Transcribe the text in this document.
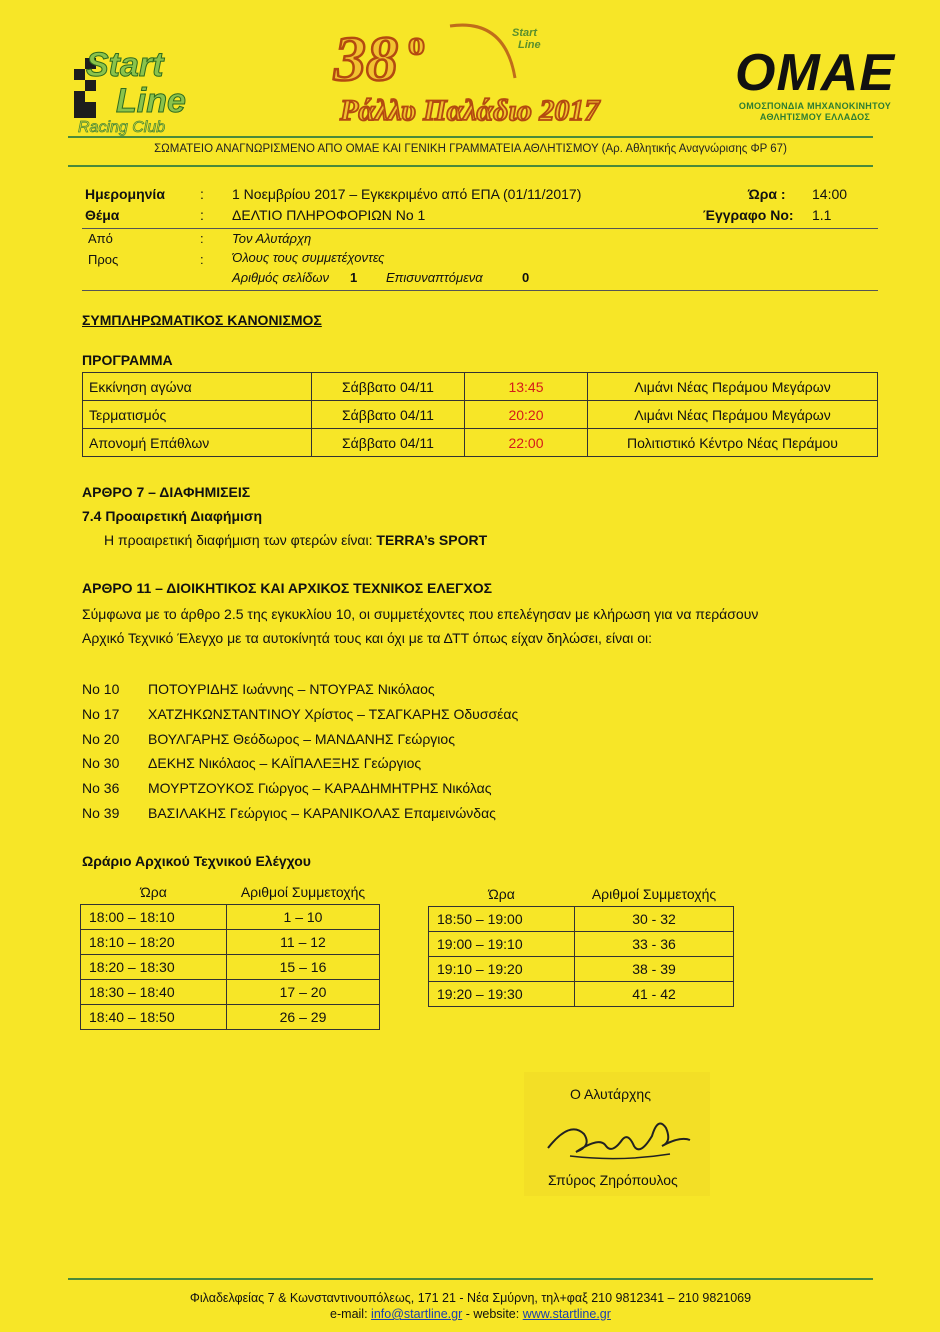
Start
Line
Racing Club
38 ο
Ράλλυ Παλάδιο 2017
Start
Line	ΟΜΑΕ
ΟΜΟΣΠΟΝΔΙΑ ΜΗΧΑΝΟΚΙΝΗΤΟΥ
ΑΘΛΗΤΙΣΜΟΥ ΕΛΛΑΔΟΣ
ΣΩΜΑΤΕΙΟ ΑΝΑΓΝΩΡΙΣΜΕΝΟ ΑΠΟ ΟΜΑΕ ΚΑΙ ΓΕΝΙΚΗ ΓΡΑΜΜΑΤΕΙΑ ΑΘΛΗΤΙΣΜΟΥ (Αρ. Αθλητικής Αναγνώρισης ΦΡ 67)
Ημερομηνία	: 1 Νοεμβρίου 2017 – Εγκεκριμένο από ΕΠΑ (01/11/2017)	Ώρα : 14:00
Θέμα	: ΔΕΛΤΙΟ ΠΛΗΡΟΦΟΡΙΩΝ Νο 1	Έγγραφο Νο: 1.1
Από	: Τον Αλυτάρχη
Προς	: Όλους τους συμμετέχοντες
Αριθμός σελίδων 1 Επισυναπτόμενα	0
ΣΥΜΠΛΗΡΩΜΑΤΙΚΟΣ ΚΑΝΟΝΙΣΜΟΣ
ΠΡΟΓΡΑΜΜΑ
Εκκίνηση αγώνα	Σάββατο 04/11	13:45	Λιμάνι Νέας Περάμου Μεγάρων
Τερματισμός	Σάββατο 04/11	20:20	Λιμάνι Νέας Περάμου Μεγάρων
Απονομή Επάθλων	Σάββατο 04/11	22:00	Πολιτιστικό Κέντρο Νέας Περάμου
ΑΡΘΡΟ 7 – ΔΙΑΦΗΜΙΣΕΙΣ
7.4 Προαιρετική Διαφήμιση
Η προαιρετική διαφήμιση των φτερών είναι: TERRA’s SPORT
ΑΡΘΡΟ 11 – ΔΙΟΙΚΗΤΙΚΟΣ ΚΑΙ ΑΡΧΙΚΟΣ ΤΕΧΝΙΚΟΣ ΕΛΕΓΧΟΣ
Σύμφωνα με το άρθρο 2.5 της εγκυκλίου 10, οι συμμετέχοντες που επελέγησαν με κλήρωση για να περάσουν
Αρχικό Τεχνικό Έλεγχο με τα αυτοκίνητά τους και όχι με τα ΔΤΤ όπως είχαν δηλώσει, είναι οι:
Νο 10 ΠΟΤΟΥΡΙΔΗΣ Ιωάννης – ΝΤΟΥΡΑΣ Νικόλαος
Νο 17 ΧΑΤΖΗΚΩΝΣΤΑΝΤΙΝΟΥ Χρίστος – ΤΣΑΓΚΑΡΗΣ Οδυσσέας
Νο 20 ΒΟΥΛΓΑΡΗΣ Θεόδωρος – ΜΑΝΔΑΝΗΣ Γεώργιος
Νο 30 ΔΕΚΗΣ Νικόλαος – ΚΑΪΠΑΛΕΞΗΣ Γεώργιος
Νο 36 ΜΟΥΡΤΖΟΥΚΟΣ Γιώργος – ΚΑΡΑΔΗΜΗΤΡΗΣ Νικόλας
Νο 39 ΒΑΣΙΛΑΚΗΣ Γεώργιος – ΚΑΡΑΝΙΚΟΛΑΣ Επαμεινώνδας
Ωράριο Αρχικού Τεχνικού Ελέγχου
Ώρα	Αριθμοί Συμμετοχής
18:00 – 18:10	1 – 10
18:10 – 18:20	11 – 12
18:20 – 18:30	15 – 16
18:30 – 18:40	17 – 20
18:40 – 18:50	26 – 29
Ώρα	Αριθμοί Συμμετοχής
18:50 – 19:00	30 - 32
19:00 – 19:10	33 - 36
19:10 – 19:20	38 - 39
19:20 – 19:30	41 - 42
Ο Αλυτάρχης
Σπύρος Ζηρόπουλος
Φιλαδελφείας 7 & Κωνσταντινουπόλεως, 171 21 - Νέα Σμύρνη, τηλ+φαξ 210 9812341 – 210 9821069
e-mail: info@startline.gr - website: www.startline.gr
